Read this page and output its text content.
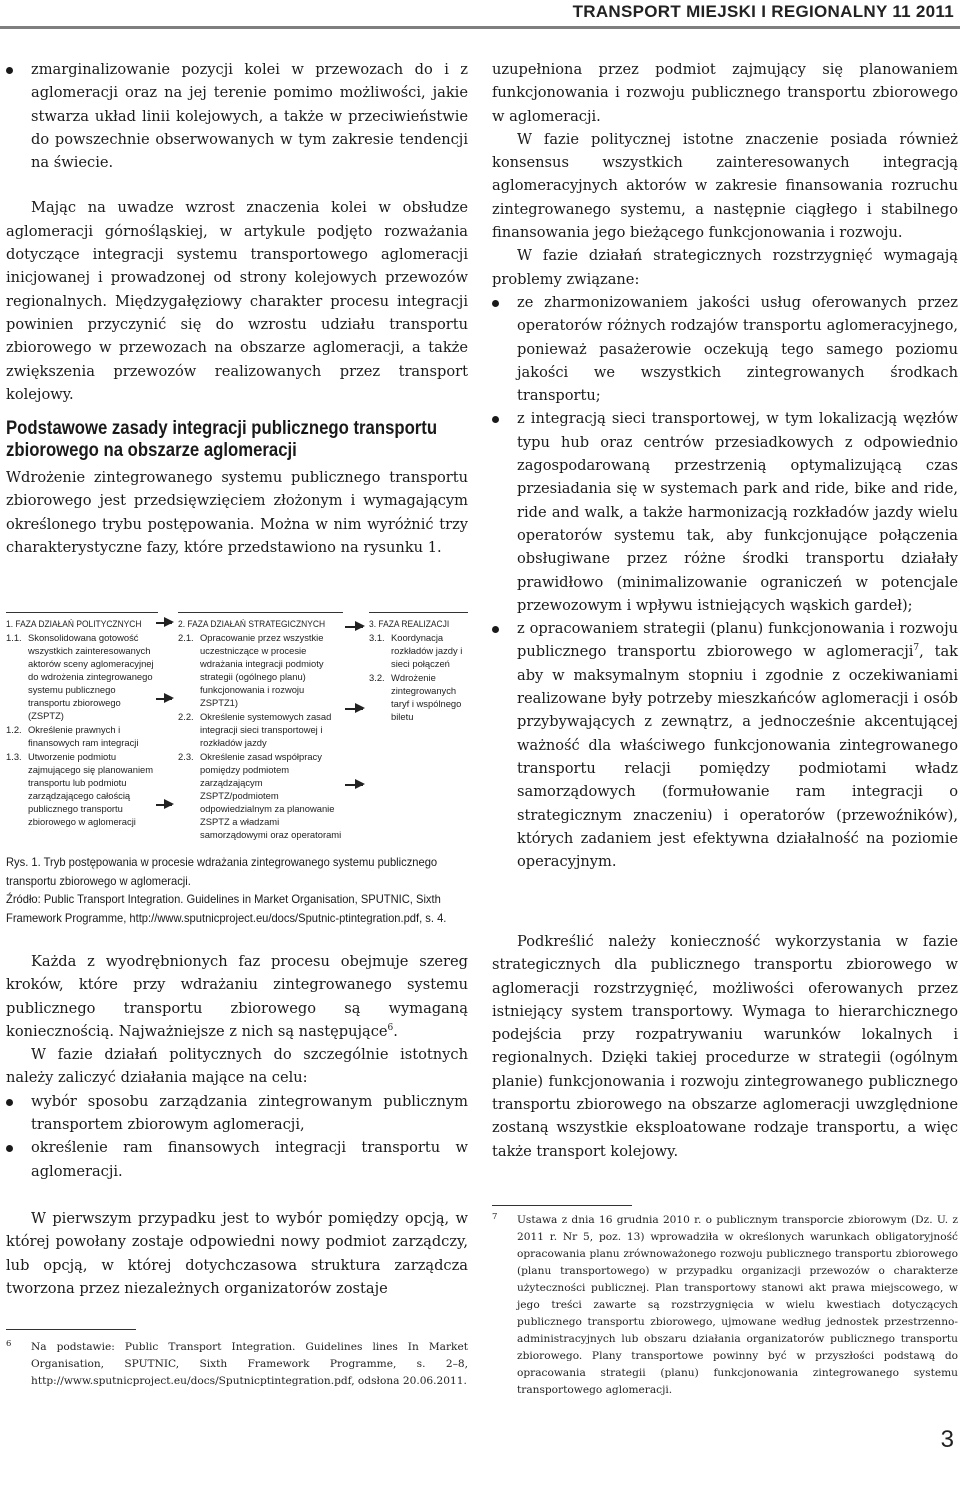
TRANSPORT MIEJSKI I REGIONALNY 11 2011
zmarginalizowanie pozycji kolei w przewozach do i z aglomeracji oraz na jej terenie pomimo możliwości, jakie stwarza układ linii kolejowych, a także w przeciwieństwie do powszechnie obserwowanych w tym zakresie tendencji na świecie.

Mając na uwadze wzrost znaczenia kolei w obsłudze aglomeracji górnośląskiej, w artykule podjęto rozważania dotyczące integracji systemu transportowego aglomeracji inicjowanej i prowadzonej od strony kolejowych przewozów regionalnych. Międzygałęziowy charakter procesu integracji powinien przyczynić się do wzrostu udziału transportu zbiorowego w przewozach na obszarze aglomeracji, a także zwiększenia przewozów realizowanych przez transport kolejowy.

Podstawowe zasady integracji publicznego transportu zbiorowego na obszarze aglomeracji

Wdrożenie zintegrowanego systemu publicznego transportu zbiorowego jest przedsięwzięciem złożonym i wymagającym określonego trybu postępowania. Można w nim wyróżnić trzy charakterystyczne fazy, które przedstawiono na rysunku 1.

1. FAZA DZIAŁAŃ POLITYCZNYCH
1.1. Skonsolidowana gotowość wszystkich zainteresowanych aktorów sceny aglomeracyjnej do wdrożenia zintegrowanego systemu publicznego transportu zbiorowego (ZSPTZ)
1.2. Określenie prawnych i finansowych ram integracji
1.3. Utworzenie podmiotu zajmującego się planowaniem transportu lub podmiotu zarządzającego całością publicznego transportu zbiorowego w aglomeracji
2. FAZA DZIAŁAŃ STRATEGICZNYCH
2.1. Opracowanie przez wszystkie uczestniczące w procesie wdrażania integracji podmioty strategii (ogólnego planu) funkcjonowania i rozwoju ZSPTZ1)
2.2. Określenie systemowych zasad integracji sieci transportowej i rozkładów jazdy
2.3. Określenie zasad współpracy pomiędzy podmiotem zarządzającym ZSPTZ/podmiotem odpowiedzialnym za planowanie ZSPTZ a władzami samorządowymi oraz operatorami
3. FAZA REALIZACJI
3.1. Koordynacja rozkładów jazdy i sieci połączeń
3.2. Wdrożenie zintegrowanych taryf i wspólnego biletu
Rys. 1. Tryb postępowania w procesie wdrażania zintegrowanego systemu publicznego transportu zbiorowego w aglomeracji.
Źródło: Public Transport Integration. Guidelines in Market Organisation, SPUTNIC, Sixth Framework Programme, http://www.sputnicproject.eu/docs/Sputnic-ptintegration.pdf, s. 4.

Każda z wyodrębnionych faz procesu obejmuje szereg kroków, które przy wdrażaniu zintegrowanego systemu publicznego transportu zbiorowego są wymaganą koniecznością. Najważniejsze z nich są następujące$^6$.

W fazie działań politycznych do szczególnie istotnych należy zaliczyć działania mające na celu:

wybór sposobu zarządzania zintegrowanym publicznym transportem zbiorowym aglomeracji,
określenie ram finansowych integracji transportu w aglomeracji.

W pierwszym przypadku jest to wybór pomiędzy opcją, w której powołany zostaje odpowiedni nowy podmiot zarządczy, lub opcją, w której dotychczasowa struktura zarządcza tworzona przez niezależnych organizatorów zostaje

6	Na podstawie: Public Transport Integration. Guidelines lines In Market Organisation, SPUTNIC, Sixth Framework Programme, s. 2–8, http://www.sputnicproject.eu/docs/Sputnicptintegration.pdf, odsłona 20.06.2011.

uzupełniona przez podmiot zajmujący się planowaniem funkcjonowania i rozwoju publicznego transportu zbiorowego w aglomeracji.

W fazie politycznej istotne znaczenie posiada również konsensus wszystkich zainteresowanych integracją aglomeracyjnych aktorów w zakresie finansowania rozruchu zintegrowanego systemu, a następnie ciągłego i stabilnego finansowania jego bieżącego funkcjonowania i rozwoju.

W fazie działań strategicznych rozstrzygnięć wymagają problemy związane:

ze zharmonizowaniem jakości usług oferowanych przez operatorów różnych rodzajów transportu aglomeracyjnego, ponieważ pasażerowie oczekują tego samego poziomu jakości we wszystkich zintegrowanych środkach transportu;
z integracją sieci transportowej, w tym lokalizacją węzłów typu hub oraz centrów przesiadkowych z odpowiednio zagospodarowaną przestrzenią optymalizującą czas przesiadania się w systemach park and ride, bike and ride, ride and walk, a także harmonizacją rozkładów jazdy wielu operatorów systemu tak, aby funkcjonujące połączenia obsługiwane przez różne środki transportu działały prawidłowo (minimalizowanie ograniczeń w potencjale przewozowym i wpływu istniejących wąskich gardeł);
z opracowaniem strategii (planu) funkcjonowania i rozwoju publicznego transportu zbiorowego w aglomeracji$^7$, tak aby w maksymalnym stopniu i zgodnie z oczekiwaniami realizowane były potrzeby mieszkańców aglomeracji i osób przybywających z zewnątrz, a jednocześnie akcentującej ważność dla właściwego funkcjonowania zintegrowanego transportu relacji pomiędzy podmiotami władz samorządowych (formułowanie ram integracji o strategicznym znaczeniu) i operatorów (przewoźników), których zadaniem jest efektywna działalność na poziomie operacyjnym.

Podkreślić należy konieczność wykorzystania w fazie strategicznych dla publicznego transportu zbiorowego w aglomeracji rozstrzygnięć, możliwości oferowanych przez istniejący system transportowy. Wymaga to hierarchicznego podejścia przy rozpatrywaniu warunków lokalnych i regionalnych. Dzięki takiej procedurze w strategii (ogólnym planie) funkcjonowania i rozwoju zintegrowanego publicznego transportu zbiorowego na obszarze aglomeracji uwzględnione zostaną wszystkie eksploatowane rodzaje transportu, a więc także transport kolejowy.

7	Ustawa z dnia 16 grudnia 2010 r. o publicznym transporcie zbiorowym (Dz. U. z 2011 r. Nr 5, poz. 13) wprowadziła w określonych warunkach obligatoryjność opracowania planu zrównoważonego rozwoju publicznego transportu zbiorowego (planu transportowego) w przypadku organizacji przewozów o charakterze użyteczności publicznej. Plan transportowy stanowi akt prawa miejscowego, w jego treści zawarte są rozstrzygnięcia w wielu kwestiach dotyczących publicznego transportu zbiorowego, ujmowane według jednostek przestrzenno-administracyjnych lub obszaru działania organizatorów publicznego transportu zbiorowego. Plany transportowe powinny być w przyszłości podstawą do opracowania strategii (planu) funkcjonowania zintegrowanego systemu transportowego aglomeracji.
3
